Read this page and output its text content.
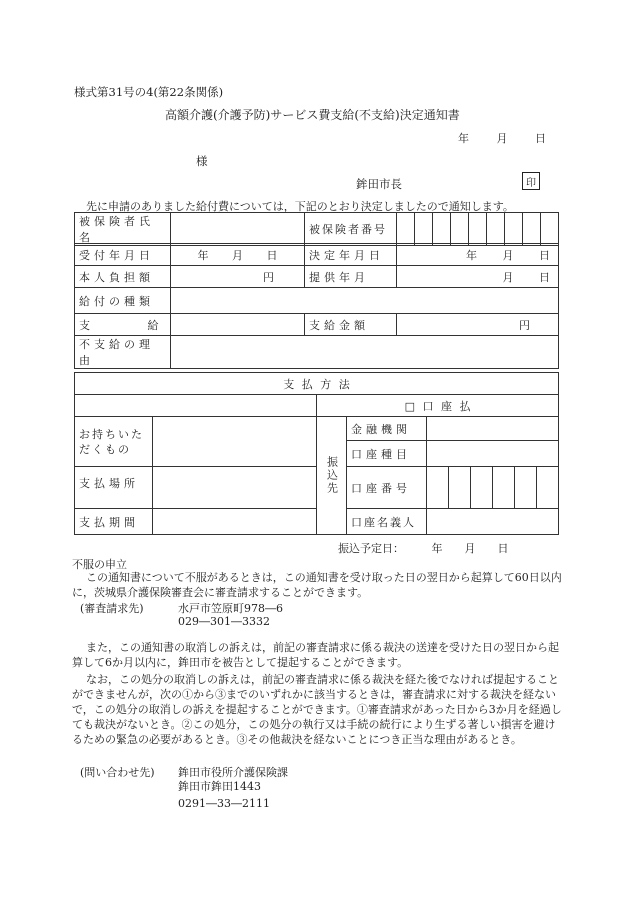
様式第31号の4(第22条関係)
高額介護(介護予防)サービス費支給(不支給)決定通知書
年 月 日
様
鉾田市長	印
先に申請のありました給付費については，下記のとおり決定しましたので通知します。
被保険者氏名		被保険者番号									
受付年月日	年 月 日	決定年月日	年 月 日
本人負担額	円	提供年月	月 日
給付の種類			
支 給		支給金額	円
不支給の理由			
支 払 方 法									
		□ 口 座 払							
お持ちいただくもの		振込先	金融機関						
			口座種目						
支払場所			口座番号						
支払期間			口座名義人						

振込予定日：　　　年　　月　　日
不服の申立
この通知書について不服があるときは，この通知書を受け取った日の翌日から起算して60日以内に，茨城県介護保険審査会に審査請求することができます。
(審査請求先)	水戸市笠原町978―6
029―301―3332
また，この通知書の取消しの訴えは，前記の審査請求に係る裁決の送達を受けた日の翌日から起算して6か月以内に，鉾田市を被告として提起することができます。
なお，この処分の取消しの訴えは，前記の審査請求に係る裁決を経た後でなければ提起することができませんが，次の①から③までのいずれかに該当するときは，審査請求に対する裁決を経ないで，この処分の取消しの訴えを提起することができます。①審査請求があった日から3か月を経過しても裁決がないとき。②この処分，この処分の執行又は手続の続行により生ずる著しい損害を避けるための緊急の必要があるとき。③その他裁決を経ないことにつき正当な理由があるとき。
(問い合わせ先) 鉾田市役所介護保険課
鉾田市鉾田1443
0291―33―2111
